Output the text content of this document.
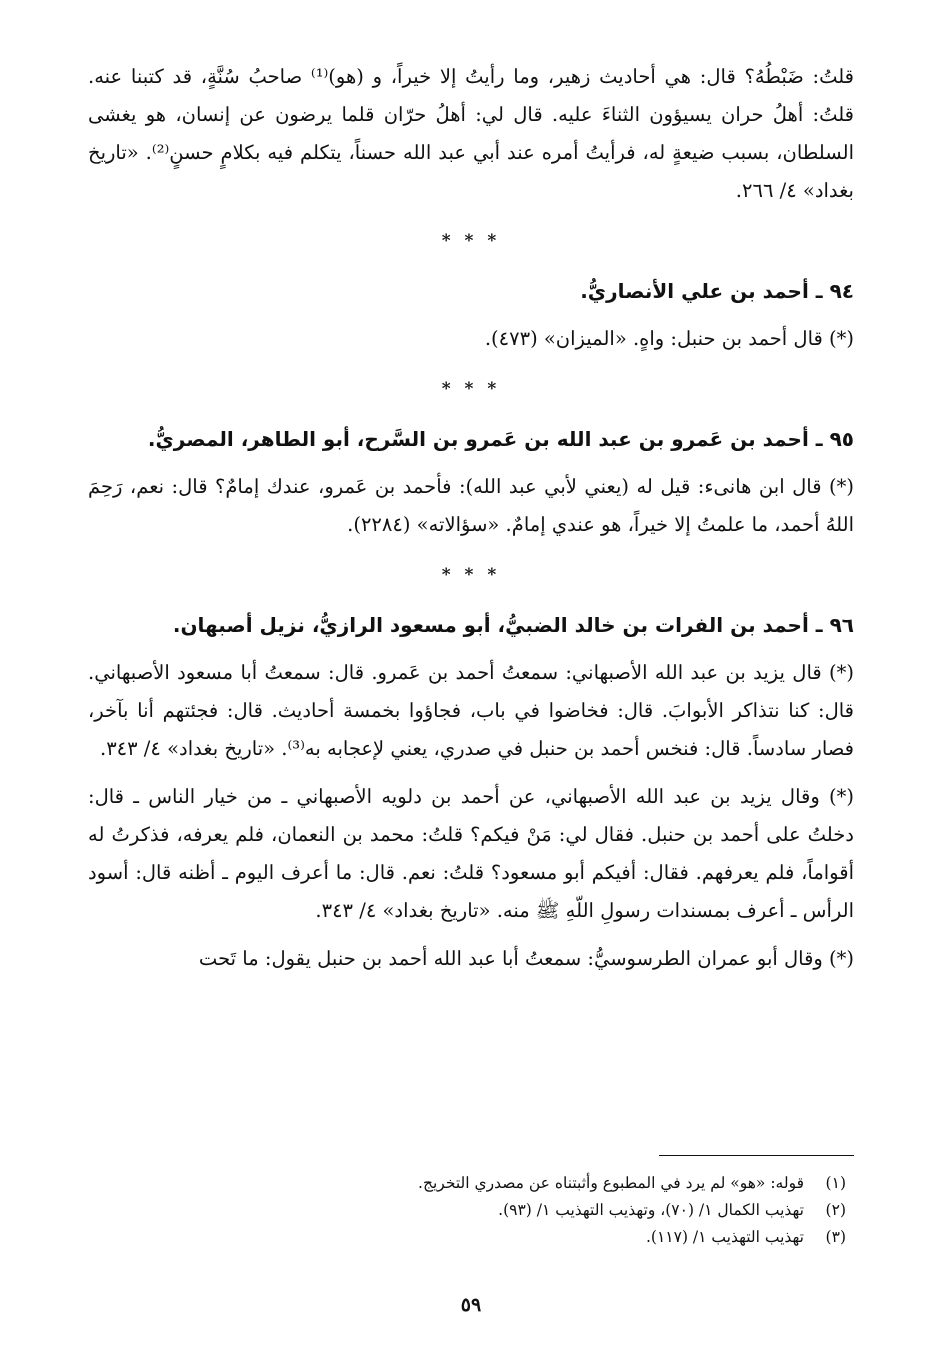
قلتُ: ضَبْطُهُ؟ قال: هي أحاديث زهير، وما رأيتُ إلا خيراً، و (هو)⁽¹⁾ صاحبُ سُنَّةٍ، قد كتبنا عنه. قلتُ: أهلُ حران يسيؤون الثناءَ عليه. قال لي: أهلُ حرّان قلما يرضون عن إنسان، هو يغشى السلطان، بسبب ضيعةٍ له، فرأيتُ أمره عند أبي عبد الله حسناً، يتكلم فيه بكلامٍ حسنٍ⁽²⁾. «تاريخ بغداد» ٤/ ٢٦٦.

* * *

٩٤ ـ أحمد بن علي الأنصاريُّ.

(*) قال أحمد بن حنبل: واهٍ. «الميزان» (٤٧٣).

* * *

٩٥ ـ أحمد بن عَمرو بن عبد الله بن عَمرو بن السَّرح، أبو الطاهر، المصريُّ.

(*) قال ابن هانىء: قيل له (يعني لأبي عبد الله): فأحمد بن عَمرو، عندك إمامٌ؟ قال: نعم، رَحِمَ اللهُ أحمد، ما علمتُ إلا خيراً، هو عندي إمامٌ. «سؤالاته» (٢٢٨٤).

* * *

٩٦ ـ أحمد بن الفرات بن خالد الضبيُّ، أبو مسعود الرازيُّ، نزيل أصبهان.

(*) قال يزيد بن عبد الله الأصبهاني: سمعتُ أحمد بن عَمرو. قال: سمعتُ أبا مسعود الأصبهاني. قال: كنا نتذاكر الأبوابَ. قال: فخاضوا في باب، فجاؤوا بخمسة أحاديث. قال: فجئتهم أنا بآخر، فصار سادساً. قال: فنخس أحمد بن حنبل في صدري، يعني لإعجابه به⁽³⁾. «تاريخ بغداد» ٤/ ٣٤٣.

(*) وقال يزيد بن عبد الله الأصبهاني، عن أحمد بن دلويه الأصبهاني ـ من خيار الناس ـ قال: دخلتُ على أحمد بن حنبل. فقال لي: مَنْ فيكم؟ قلتُ: محمد بن النعمان، فلم يعرفه، فذكرتُ له أقواماً، فلم يعرفهم. فقال: أفيكم أبو مسعود؟ قلتُ: نعم. قال: ما أعرف اليوم ـ أظنه قال: أسود الرأس ـ أعرف بمسندات رسولِ اللّهِ ﷺ منه. «تاريخ بغداد» ٤/ ٣٤٣.

(*) وقال أبو عمران الطرسوسيُّ: سمعتُ أبا عبد الله أحمد بن حنبل يقول: ما تَحت

(١)
قوله: «هو» لم يرد في المطبوع وأثبتناه عن مصدري التخريج.

(٢)
تهذيب الكمال ١/ (٧٠)، وتهذيب التهذيب ١/ (٩٣).

(٣)
تهذيب التهذيب ١/ (١١٧).

٥٩
